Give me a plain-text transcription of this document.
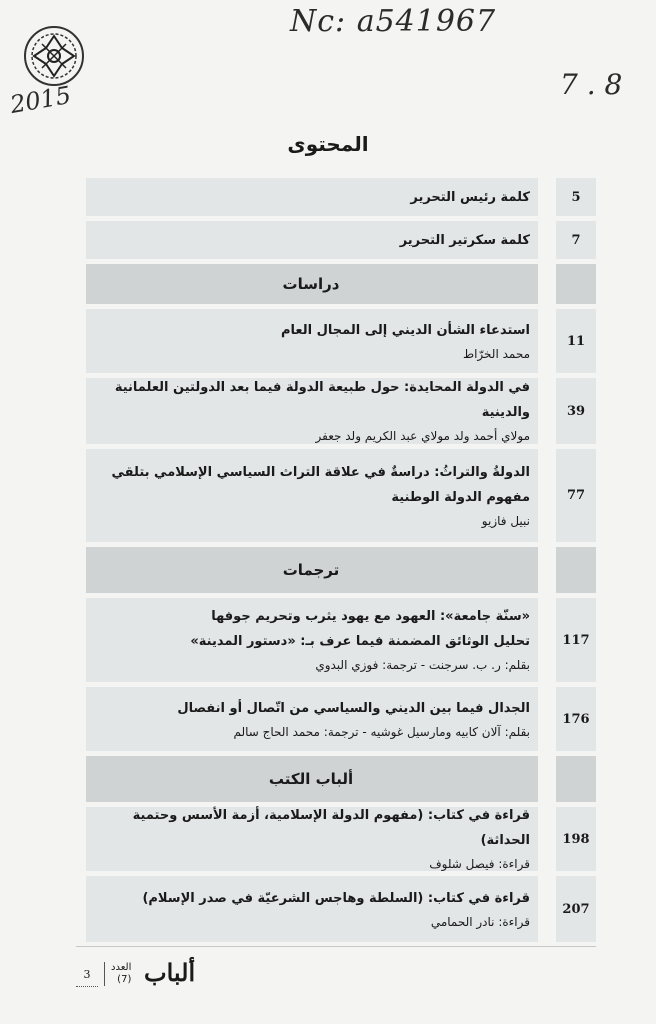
Nc: a541967
7 . 8
2015
المحتوى
كلمة رئيس التحرير	5
كلمة سكرتير التحرير	7
دراسات
استدعاء الشأن الديني إلى المجال العام
محمد الخرّاط
11
في الدولة المحايدة: حول طبيعة الدولة فيما بعد الدولتين العلمانية والدينية
مولاي أحمد ولد مولاي عبد الكريم ولد جعفر
39
الدولةُ والتراثُ: دراسةٌ في علاقة التراث السياسي الإسلامي بتلقي مفهوم الدولة الوطنية
نبيل فازيو
77
ترجمات
«سنّة جامعة»: العهود مع يهود يثرب وتحريم جوفها
تحليل الوثائق المضمنة فيما عرف بـ: «دستور المدينة»
بقلم: ر. ب. سرجنت - ترجمة: فوزي البدوي
117
الجدال فيما بين الديني والسياسي من اتّصال أو انفصال
بقلم: آلان كابيه ومارسيل غوشيه - ترجمة: محمد الحاج سالم
176
ألباب الكتب
قراءة في كتاب: (مفهوم الدولة الإسلامية، أزمة الأسس وحتمية الحداثة)
قراءة: فيصل شلوف
198
قراءة في كتاب: (السلطة وهاجس الشرعيّة في صدر الإسلام)
قراءة: نادر الحمامي
207
3
العدد
(7) ألباب
